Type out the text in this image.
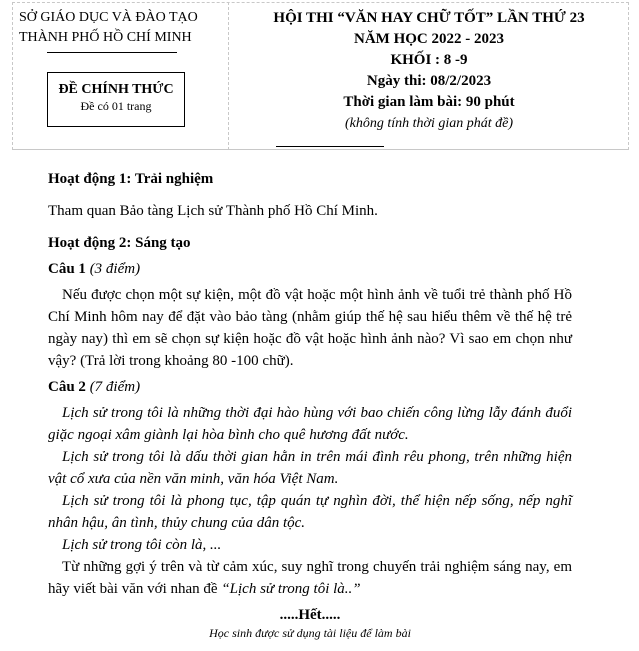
SỞ GIÁO DỤC VÀ ĐÀO TẠO
THÀNH PHỐ HỒ CHÍ MINH
ĐỀ CHÍNH THỨC
Đề có 01 trang
HỘI THI “VĂN HAY CHỮ TỐT” LẦN THỨ 23
NĂM HỌC 2022 - 2023
KHỐI : 8 -9
Ngày thi: 08/2/2023
Thời gian làm bài: 90 phút
(không tính thời gian phát đề)

Hoạt động 1: Trải nghiệm

Tham quan Bảo tàng Lịch sử Thành phố Hồ Chí Minh.

Hoạt động 2: Sáng tạo

Câu 1 (3 điểm)

Nếu được chọn một sự kiện, một đồ vật hoặc một hình ảnh về tuổi trẻ thành phố Hồ Chí Minh hôm nay để đặt vào bảo tàng (nhằm giúp thế hệ sau hiểu thêm về thế hệ trẻ ngày nay) thì em sẽ chọn sự kiện hoặc đồ vật hoặc hình ảnh nào? Vì sao em chọn như vậy? (Trả lời trong khoảng 80 -100 chữ).

Câu 2 (7 điểm)

Lịch sử trong tôi là những thời đại hào hùng với bao chiến công lừng lẫy đánh đuổi giặc ngoại xâm giành lại hòa bình cho quê hương đất nước.

Lịch sử trong tôi là dấu thời gian hằn in trên mái đình rêu phong, trên những hiện vật cổ xưa của nền văn minh, văn hóa Việt Nam.

Lịch sử trong tôi là phong tục, tập quán tự nghìn đời, thể hiện nếp sống, nếp nghĩ nhân hậu, ân tình, thủy chung của dân tộc.

Lịch sử trong tôi còn là, ...

Từ những gợi ý trên và từ cảm xúc, suy nghĩ trong chuyến trải nghiệm sáng nay, em hãy viết bài văn với nhan đề “Lịch sử trong tôi là..”

.....Hết.....

Học sinh được sử dụng tài liệu để làm bài
